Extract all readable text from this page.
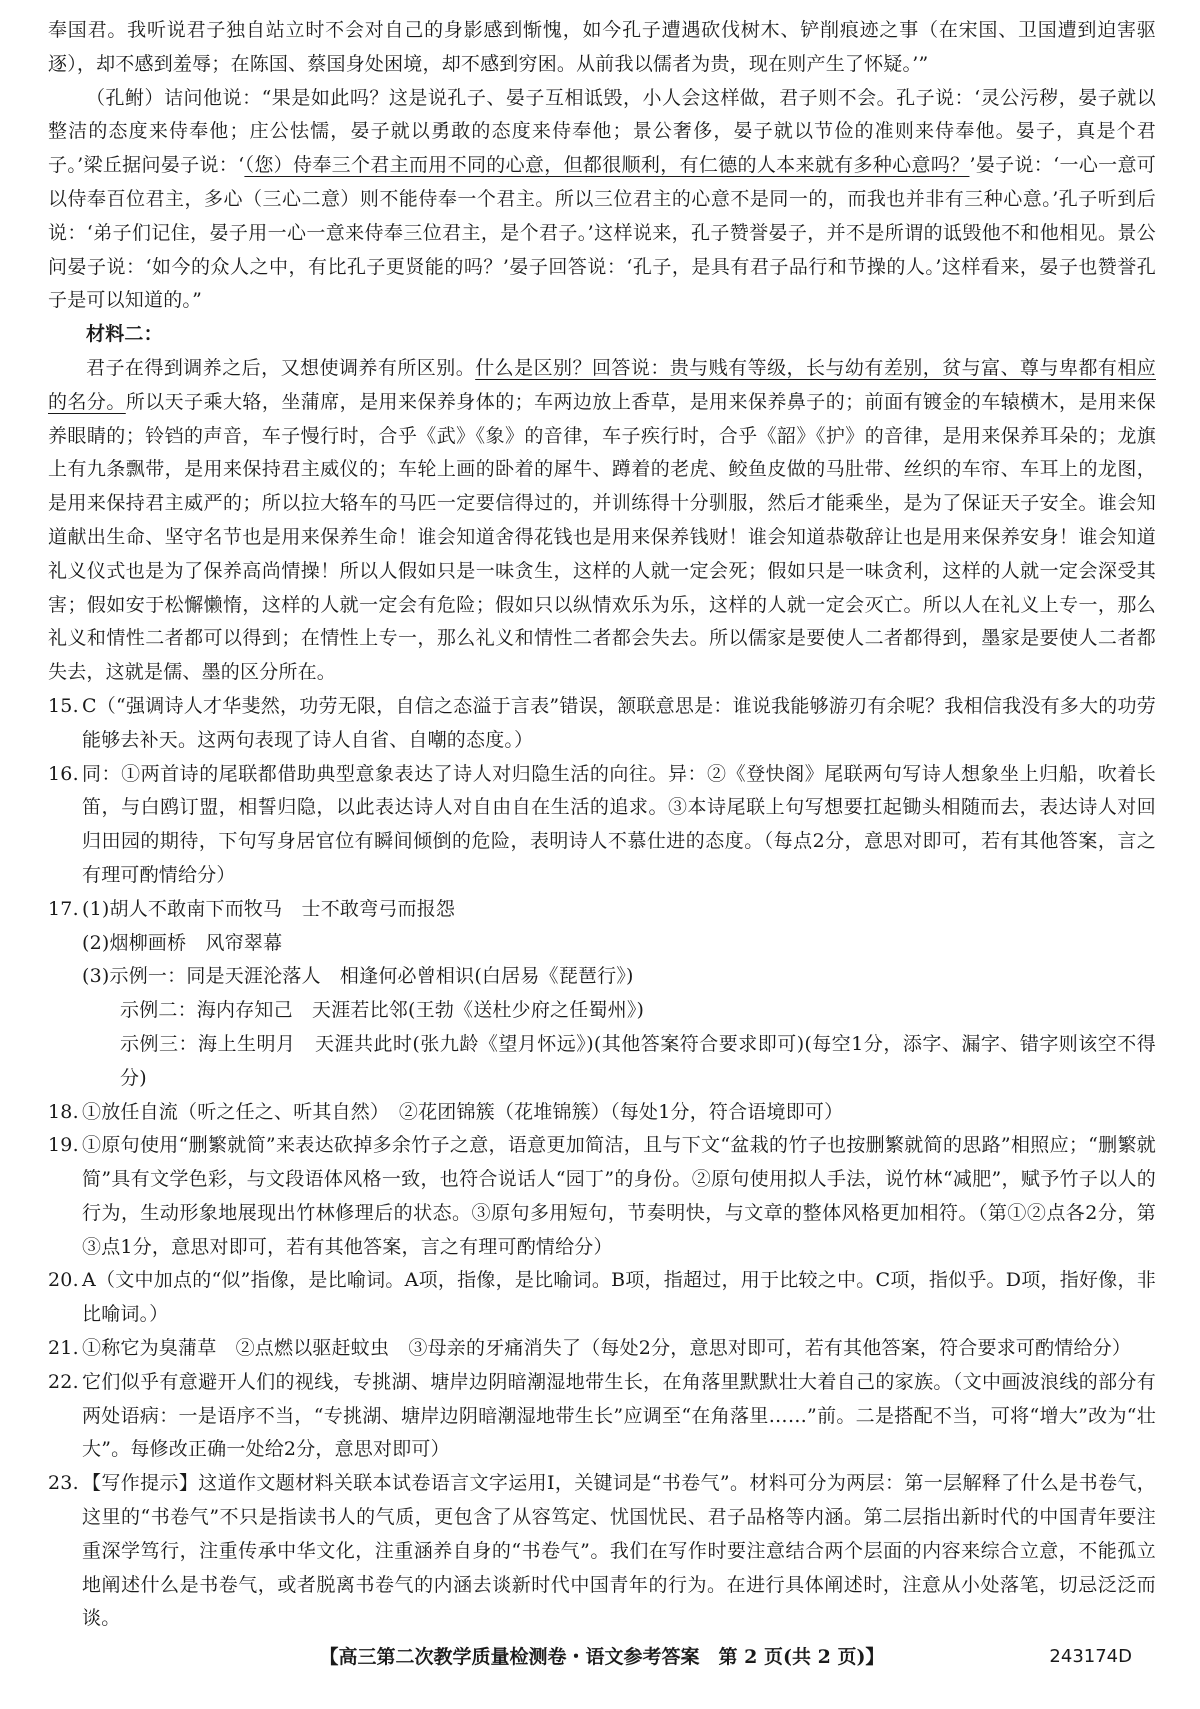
奉国君。我听说君子独自站立时不会对自己的身影感到惭愧，如今孔子遭遇砍伐树木、铲削痕迹之事（在宋国、卫国遭到迫害驱逐），却不感到羞辱；在陈国、蔡国身处困境，却不感到穷困。从前我以儒者为贵，现在则产生了怀疑。’”

（孔鲋）诘问他说：“果是如此吗？这是说孔子、晏子互相诋毁，小人会这样做，君子则不会。孔子说：‘灵公污秽，晏子就以整洁的态度来侍奉他；庄公怯懦，晏子就以勇敢的态度来侍奉他；景公奢侈，晏子就以节俭的准则来侍奉他。晏子，真是个君子。’梁丘据问晏子说：‘（您）侍奉三个君主而用不同的心意，但都很顺利，有仁德的人本来就有多种心意吗？’晏子说：‘一心一意可以侍奉百位君主，多心（三心二意）则不能侍奉一个君主。所以三位君主的心意不是同一的，而我也并非有三种心意。’孔子听到后说：‘弟子们记住，晏子用一心一意来侍奉三位君主，是个君子。’这样说来，孔子赞誉晏子，并不是所谓的诋毁他不和他相见。景公问晏子说：‘如今的众人之中，有比孔子更贤能的吗？’晏子回答说：‘孔子，是具有君子品行和节操的人。’这样看来，晏子也赞誉孔子是可以知道的。”

材料二：

君子在得到调养之后，又想使调养有所区别。什么是区别？回答说：贵与贱有等级，长与幼有差别，贫与富、尊与卑都有相应的名分。所以天子乘大辂，坐蒲席，是用来保养身体的；车两边放上香草，是用来保养鼻子的；前面有镀金的车辕横木，是用来保养眼睛的；铃铛的声音，车子慢行时，合乎《武》《象》的音律，车子疾行时，合乎《韶》《护》的音律，是用来保养耳朵的；龙旗上有九条飘带，是用来保持君主威仪的；车轮上画的卧着的犀牛、蹲着的老虎、鲛鱼皮做的马肚带、丝织的车帘、车耳上的龙图，是用来保持君主威严的；所以拉大辂车的马匹一定要信得过的，并训练得十分驯服，然后才能乘坐，是为了保证天子安全。谁会知道献出生命、坚守名节也是用来保养生命！谁会知道舍得花钱也是用来保养钱财！谁会知道恭敬辞让也是用来保养安身！谁会知道礼义仪式也是为了保养高尚情操！所以人假如只是一味贪生，这样的人就一定会死；假如只是一味贪利，这样的人就一定会深受其害；假如安于松懈懒惰，这样的人就一定会有危险；假如只以纵情欢乐为乐，这样的人就一定会灭亡。所以人在礼义上专一，那么礼义和情性二者都可以得到；在情性上专一，那么礼义和情性二者都会失去。所以儒家是要使人二者都得到，墨家是要使人二者都失去，这就是儒、墨的区分所在。

15. C（“强调诗人才华斐然，功劳无限，自信之态溢于言表”错误，颔联意思是：谁说我能够游刃有余呢？我相信我没有多大的功劳能够去补天。这两句表现了诗人自省、自嘲的态度。）
16. 同：①两首诗的尾联都借助典型意象表达了诗人对归隐生活的向往。异：②《登快阁》尾联两句写诗人想象坐上归船，吹着长笛，与白鸥订盟，相誓归隐，以此表达诗人对自由自在生活的追求。③本诗尾联上句写想要扛起锄头相随而去，表达诗人对回归田园的期待，下句写身居官位有瞬间倾倒的危险，表明诗人不慕仕进的态度。（每点2分，意思对即可，若有其他答案，言之有理可酌情给分）
17. (1)胡人不敢南下而牧马　士不敢弯弓而报怨
(2)烟柳画桥　风帘翠幕
(3)示例一：同是天涯沦落人　相逢何必曾相识(白居易《琵琶行》)
示例二：海内存知己　天涯若比邻(王勃《送杜少府之任蜀州》)
示例三：海上生明月　天涯共此时(张九龄《望月怀远》)(其他答案符合要求即可)(每空1分，添字、漏字、错字则该空不得分)
18. ①放任自流（听之任之、听其自然）　②花团锦簇（花堆锦簇）（每处1分，符合语境即可）
19. ①原句使用“删繁就简”来表达砍掉多余竹子之意，语意更加简洁，且与下文“盆栽的竹子也按删繁就简的思路”相照应；“删繁就简”具有文学色彩，与文段语体风格一致，也符合说话人“园丁”的身份。②原句使用拟人手法，说竹林“减肥”，赋予竹子以人的行为，生动形象地展现出竹林修理后的状态。③原句多用短句，节奏明快，与文章的整体风格更加相符。（第①②点各2分，第③点1分，意思对即可，若有其他答案，言之有理可酌情给分）
20. A（文中加点的“似”指像，是比喻词。A项，指像，是比喻词。B项，指超过，用于比较之中。C项，指似乎。D项，指好像，非比喻词。）
21. ①称它为臭蒲草　②点燃以驱赶蚊虫　③母亲的牙痛消失了（每处2分，意思对即可，若有其他答案，符合要求可酌情给分）
22. 它们似乎有意避开人们的视线，专挑湖、塘岸边阴暗潮湿地带生长，在角落里默默壮大着自己的家族。（文中画波浪线的部分有两处语病：一是语序不当，“专挑湖、塘岸边阴暗潮湿地带生长”应调至“在角落里……”前。二是搭配不当，可将“增大”改为“壮大”。每修改正确一处给2分，意思对即可）
23. 【写作提示】这道作文题材料关联本试卷语言文字运用Ⅰ，关键词是“书卷气”。材料可分为两层：第一层解释了什么是书卷气，这里的“书卷气”不只是指读书人的气质，更包含了从容笃定、忧国忧民、君子品格等内涵。第二层指出新时代的中国青年要注重深学笃行，注重传承中华文化，注重涵养自身的“书卷气”。我们在写作时要注意结合两个层面的内容来综合立意，不能孤立地阐述什么是书卷气，或者脱离书卷气的内涵去谈新时代中国青年的行为。在进行具体阐述时，注意从小处落笔，切忌泛泛而谈。
【高三第二次教学质量检测卷・语文参考答案　第 2 页(共 2 页)】	243174D
